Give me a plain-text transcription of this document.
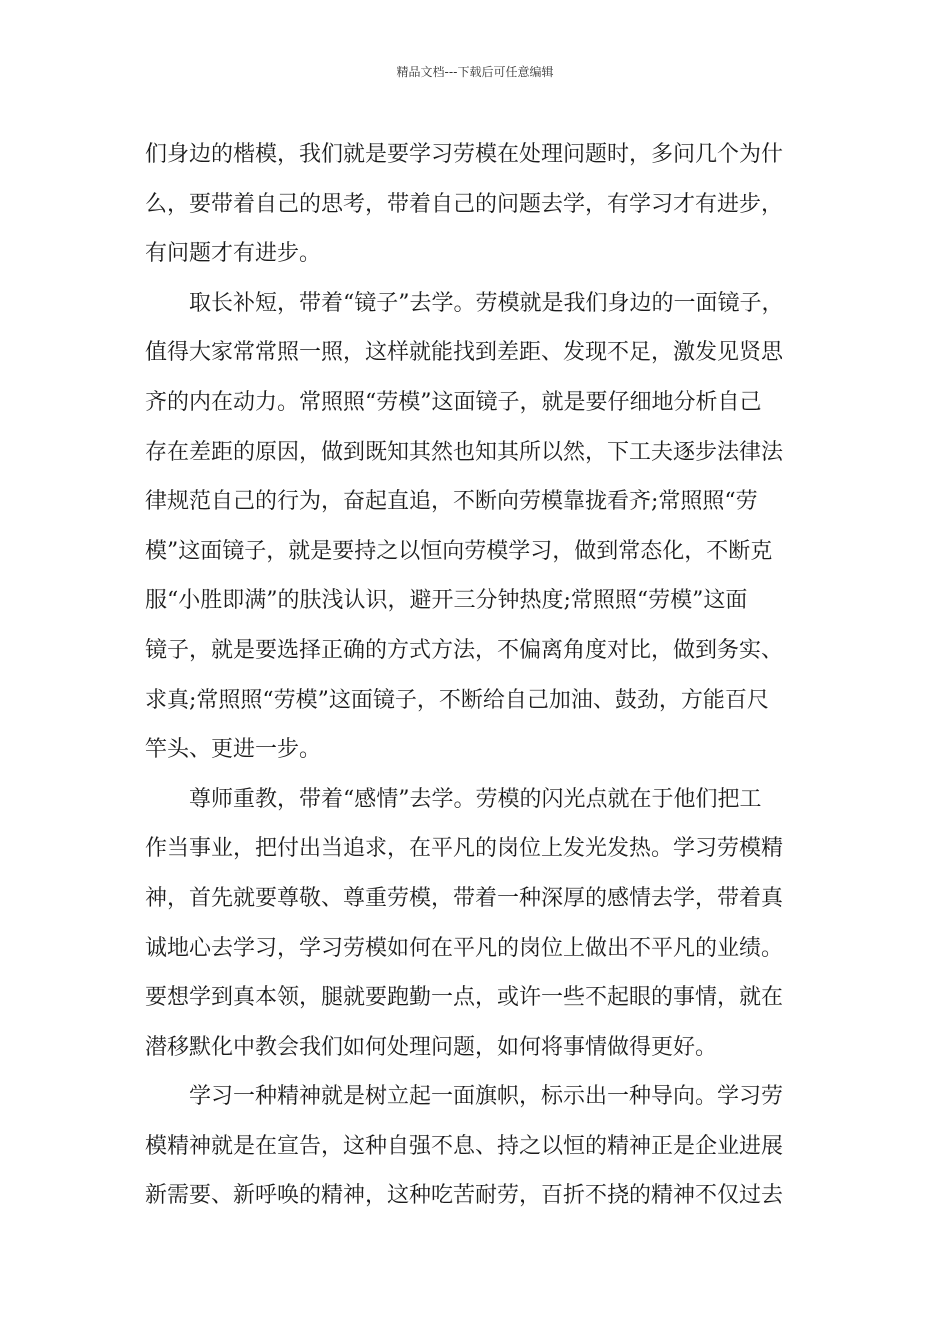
精品文档---下载后可任意编辑
们身边的楷模，我们就是要学习劳模在处理问题时，多问几个为什
么，要带着自己的思考，带着自己的问题去学，有学习才有进步，
有问题才有进步。
　　取长补短，带着“镜子”去学。劳模就是我们身边的一面镜子，
值得大家常常照一照，这样就能找到差距、发现不足，激发见贤思
齐的内在动力。常照照“劳模”这面镜子，就是要仔细地分析自己
存在差距的原因，做到既知其然也知其所以然，下工夫逐步法律法
律规范自己的行为，奋起直追，不断向劳模靠拢看齐;常照照“劳
模”这面镜子，就是要持之以恒向劳模学习，做到常态化，不断克
服“小胜即满”的肤浅认识，避开三分钟热度;常照照“劳模”这面
镜子，就是要选择正确的方式方法，不偏离角度对比，做到务实、
求真;常照照“劳模”这面镜子，不断给自己加油、鼓劲，方能百尺
竿头、更进一步。
　　尊师重教，带着“感情”去学。劳模的闪光点就在于他们把工
作当事业，把付出当追求，在平凡的岗位上发光发热。学习劳模精
神，首先就要尊敬、尊重劳模，带着一种深厚的感情去学，带着真
诚地心去学习，学习劳模如何在平凡的岗位上做出不平凡的业绩。
要想学到真本领，腿就要跑勤一点，或许一些不起眼的事情，就在
潜移默化中教会我们如何处理问题，如何将事情做得更好。
　　学习一种精神就是树立起一面旗帜，标示出一种导向。学习劳
模精神就是在宣告，这种自强不息、持之以恒的精神正是企业进展
新需要、新呼唤的精神，这种吃苦耐劳，百折不挠的精神不仅过去
